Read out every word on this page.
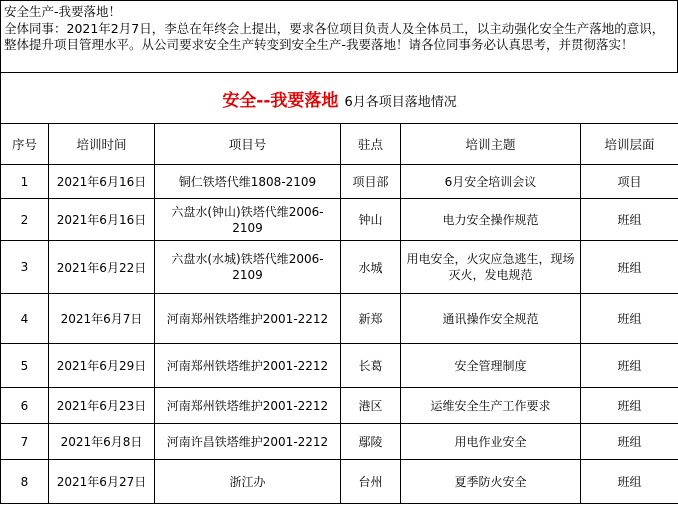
安全生产-我要落地！

全体同事：2021年2月7日，李总在年终会上提出，要求各位项目负责人及全体员工，以主动强化安全生产落地的意识，整体提升项目管理水平。从公司要求安全生产转变到安全生产-我要落地！请各位同事务必认真思考，并贯彻落实！

安全--我要落地 6月各项目落地情况					
序号	培训时间	项目号	驻点	培训主题	培训层面
1	2021年6月16日	铜仁铁塔代维1808-2109	项目部	6月安全培训会议	项目
2	2021年6月16日	六盘水(钟山)铁塔代维2006-2109	钟山	电力安全操作规范	班组
3	2021年6月22日	六盘水(水城)铁塔代维2006-2109	水城	用电安全，火灾应急逃生，现场灭火，发电规范	班组
4	2021年6月7日	河南郑州铁塔维护2001-2212	新郑	通讯操作安全规范	班组
5	2021年6月29日	河南郑州铁塔维护2001-2212	长葛	安全管理制度	班组
6	2021年6月23日	河南郑州铁塔维护2001-2212	港区	运维安全生产工作要求	班组
7	2021年6月8日	河南许昌铁塔维护2001-2212	鄢陵	用电作业安全	班组
8	2021年6月27日	浙江办	台州	夏季防火安全	班组
